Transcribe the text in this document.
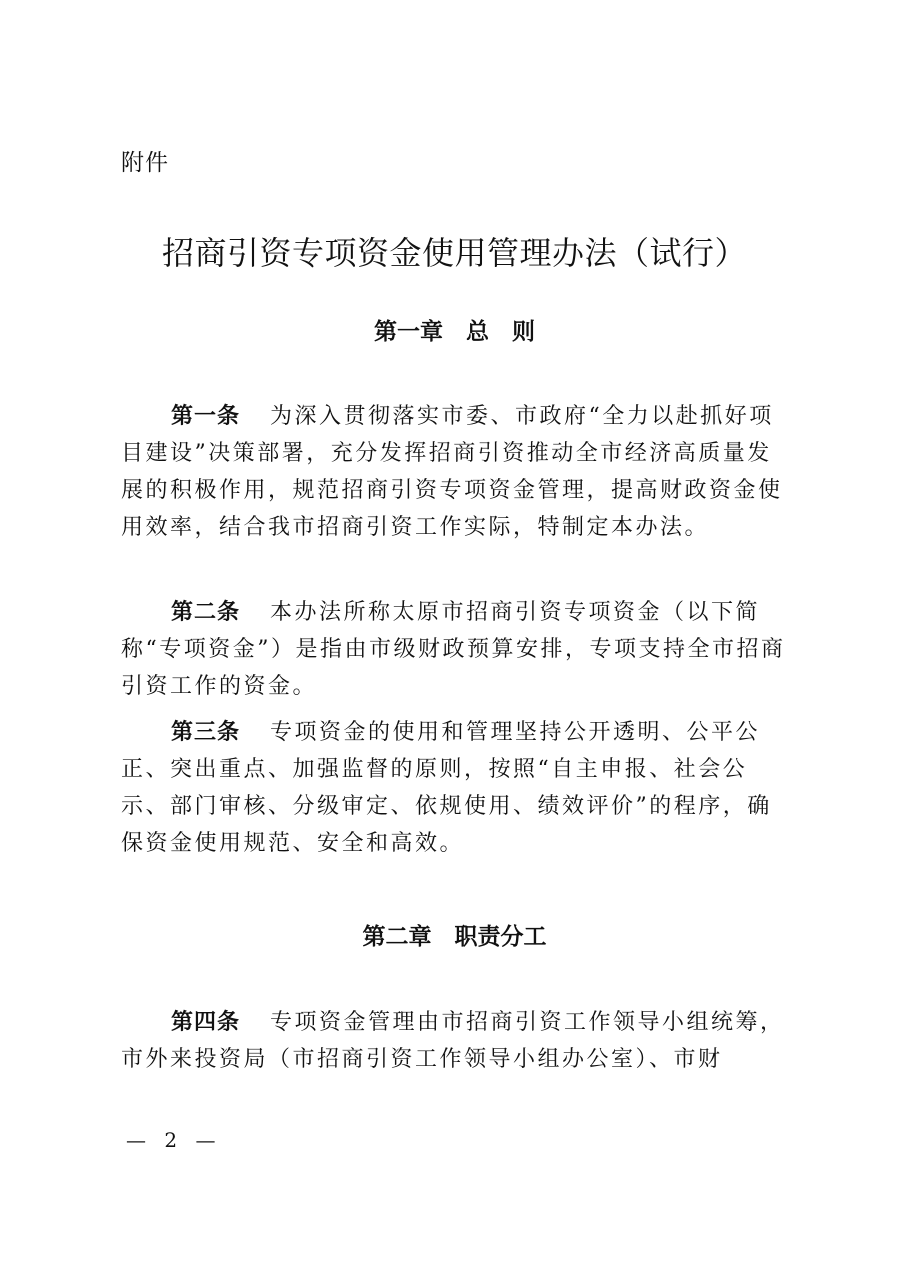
附件
招商引资专项资金使用管理办法（试行）
第一章　总　则

第一条 为深入贯彻落实市委、市政府“全力以赴抓好项目建设”决策部署，充分发挥招商引资推动全市经济高质量发展的积极作用，规范招商引资专项资金管理，提高财政资金使用效率，结合我市招商引资工作实际，特制定本办法。

第二条 本办法所称太原市招商引资专项资金（以下简称“专项资金”）是指由市级财政预算安排，专项支持全市招商引资工作的资金。

第三条 专项资金的使用和管理坚持公开透明、公平公正、突出重点、加强监督的原则，按照“自主申报、社会公示、部门审核、分级审定、依规使用、绩效评价”的程序，确保资金使用规范、安全和高效。

第二章　职责分工

第四条 专项资金管理由市招商引资工作领导小组统筹，市外来投资局（市招商引资工作领导小组办公室）、市财

— 2 —
